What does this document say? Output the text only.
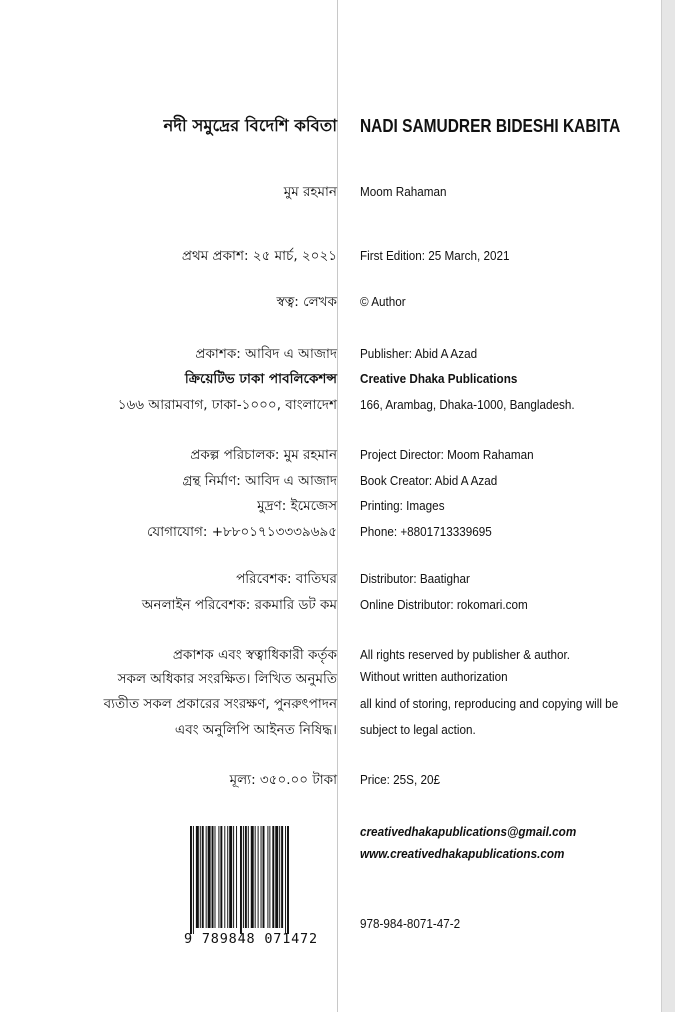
নদী সমুদ্রের বিদেশি কবিতা NADI SAMUDRER BIDESHI KABITA
মুম রহমান Moom Rahaman
প্রথম প্রকাশ: ২৫ মার্চ, ২০২১ First Edition: 25 March, 2021
স্বত্ব: লেখক © Author
প্রকাশক: আবিদ এ আজাদ Publisher: Abid A Azad
ক্রিয়েটিভ ঢাকা পাবলিকেশন্স Creative Dhaka Publications
১৬৬ আরামবাগ, ঢাকা-১০০০, বাংলাদেশ 166, Arambag, Dhaka-1000, Bangladesh.
প্রকল্প পরিচালক: মুম রহমান Project Director: Moom Rahaman
গ্রন্থ নির্মাণ: আবিদ এ আজাদ Book Creator: Abid A Azad
মুদ্রণ: ইমেজেস Printing: Images
যোগাযোগ: +৮৮০১৭১৩৩৩৯৬৯৫ Phone: +8801713339695
পরিবেশক: বাতিঘর Distributor: Baatighar
অনলাইন পরিবেশক: রকমারি ডট কম Online Distributor: rokomari.com
প্রকাশক এবং স্বত্বাধিকারী কর্তৃক
সকল অধিকার সংরক্ষিত। লিখিত অনুমতি
ব্যতীত সকল প্রকারের সংরক্ষণ, পুনরুৎপাদন
এবং অনুলিপি আইনত নিষিদ্ধ।
All rights reserved by publisher & author.
Without written authorization
all kind of storing, reproducing and copying will be
subject to legal action.
মূল্য: ৩৫০.০০ টাকা Price: 25S, 20£
creativedhakapublications@gmail.com
www.creativedhakapublications.com
978-984-8071-47-2
9 789848 071472
